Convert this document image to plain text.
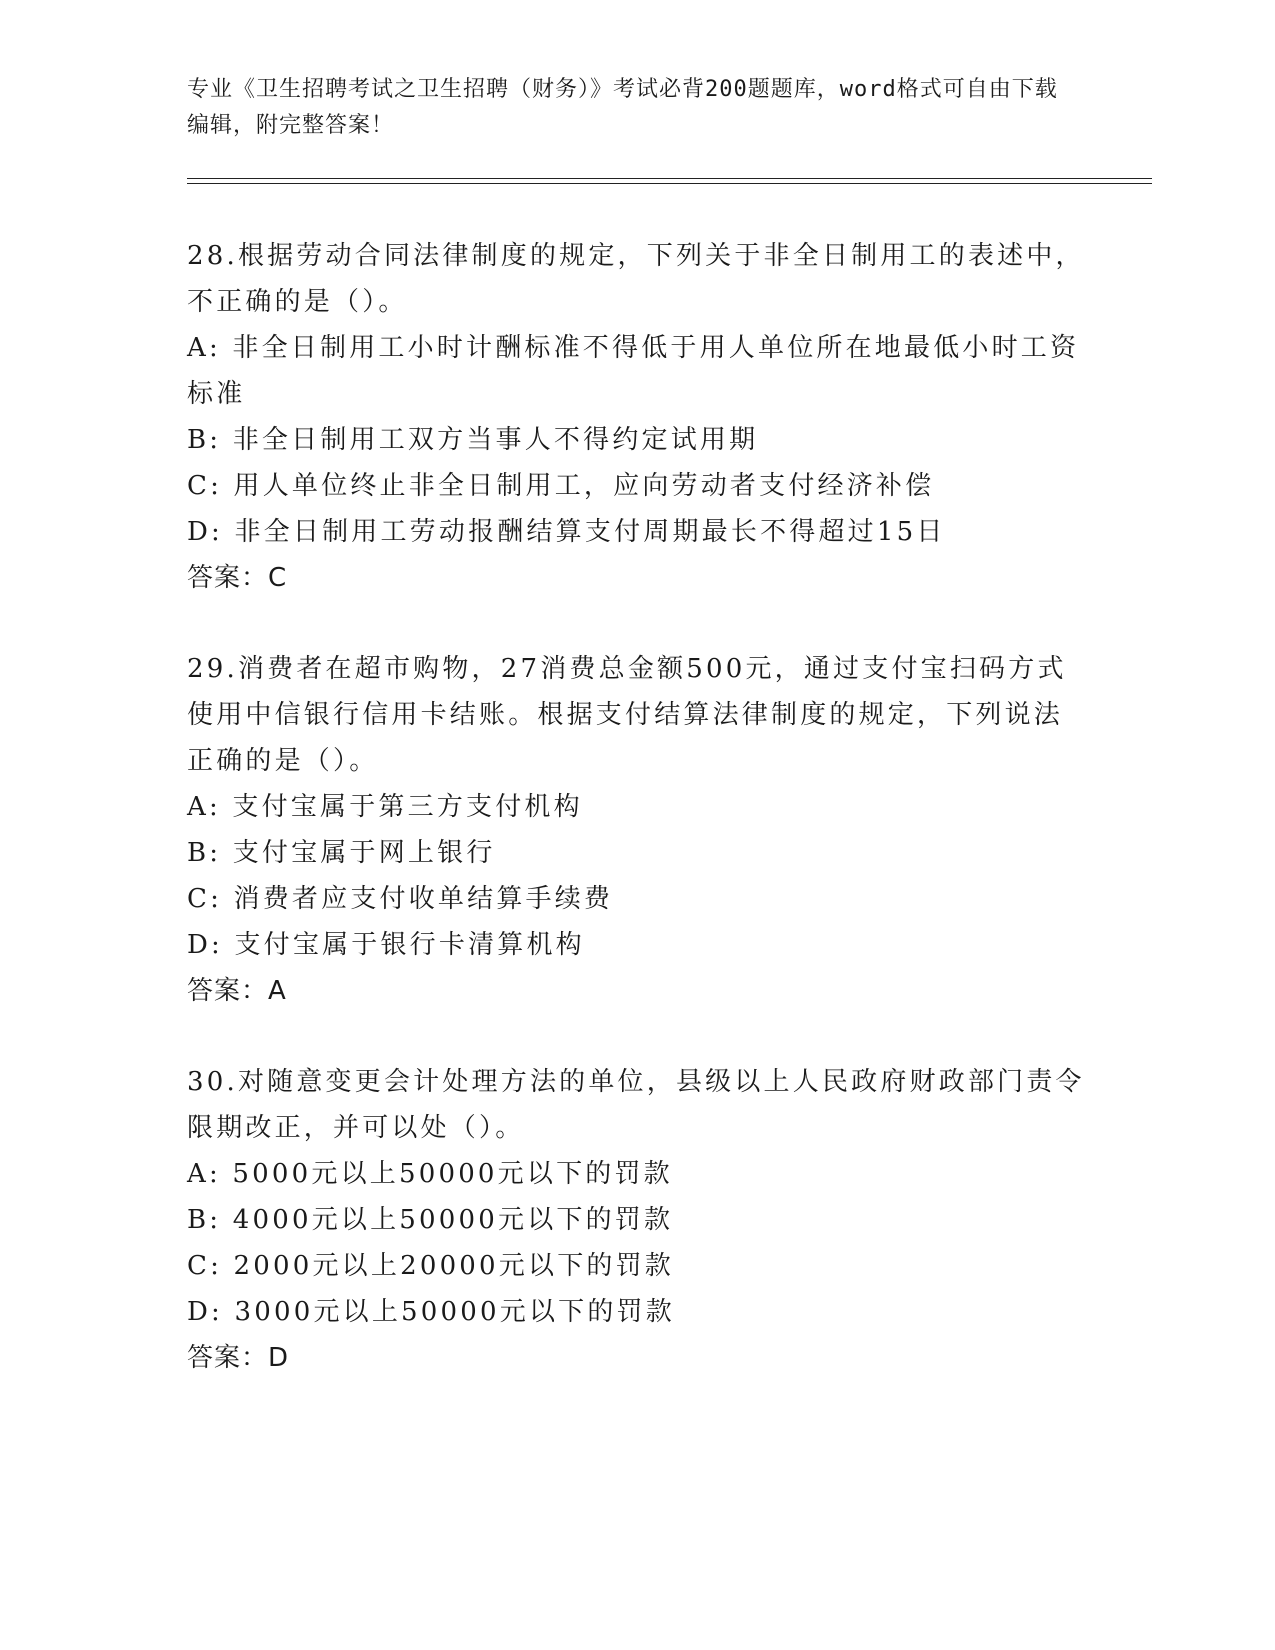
专业《卫生招聘考试之卫生招聘（财务）》考试必背200题题库，word格式可自由下载编辑，附完整答案！
28.根据劳动合同法律制度的规定，下列关于非全日制用工的表述中，不正确的是（）。
A: 非全日制用工小时计酬标准不得低于用人单位所在地最低小时工资标准
B: 非全日制用工双方当事人不得约定试用期
C: 用人单位终止非全日制用工，应向劳动者支付经济补偿
D: 非全日制用工劳动报酬结算支付周期最长不得超过15日
答案：C
29.消费者在超市购物，27消费总金额500元，通过支付宝扫码方式使用中信银行信用卡结账。根据支付结算法律制度的规定，下列说法正确的是（）。
A: 支付宝属于第三方支付机构
B: 支付宝属于网上银行
C: 消费者应支付收单结算手续费
D: 支付宝属于银行卡清算机构
答案：A
30.对随意变更会计处理方法的单位，县级以上人民政府财政部门责令限期改正，并可以处（）。
A: 5000元以上50000元以下的罚款
B: 4000元以上50000元以下的罚款
C: 2000元以上20000元以下的罚款
D: 3000元以上50000元以下的罚款
答案：D
